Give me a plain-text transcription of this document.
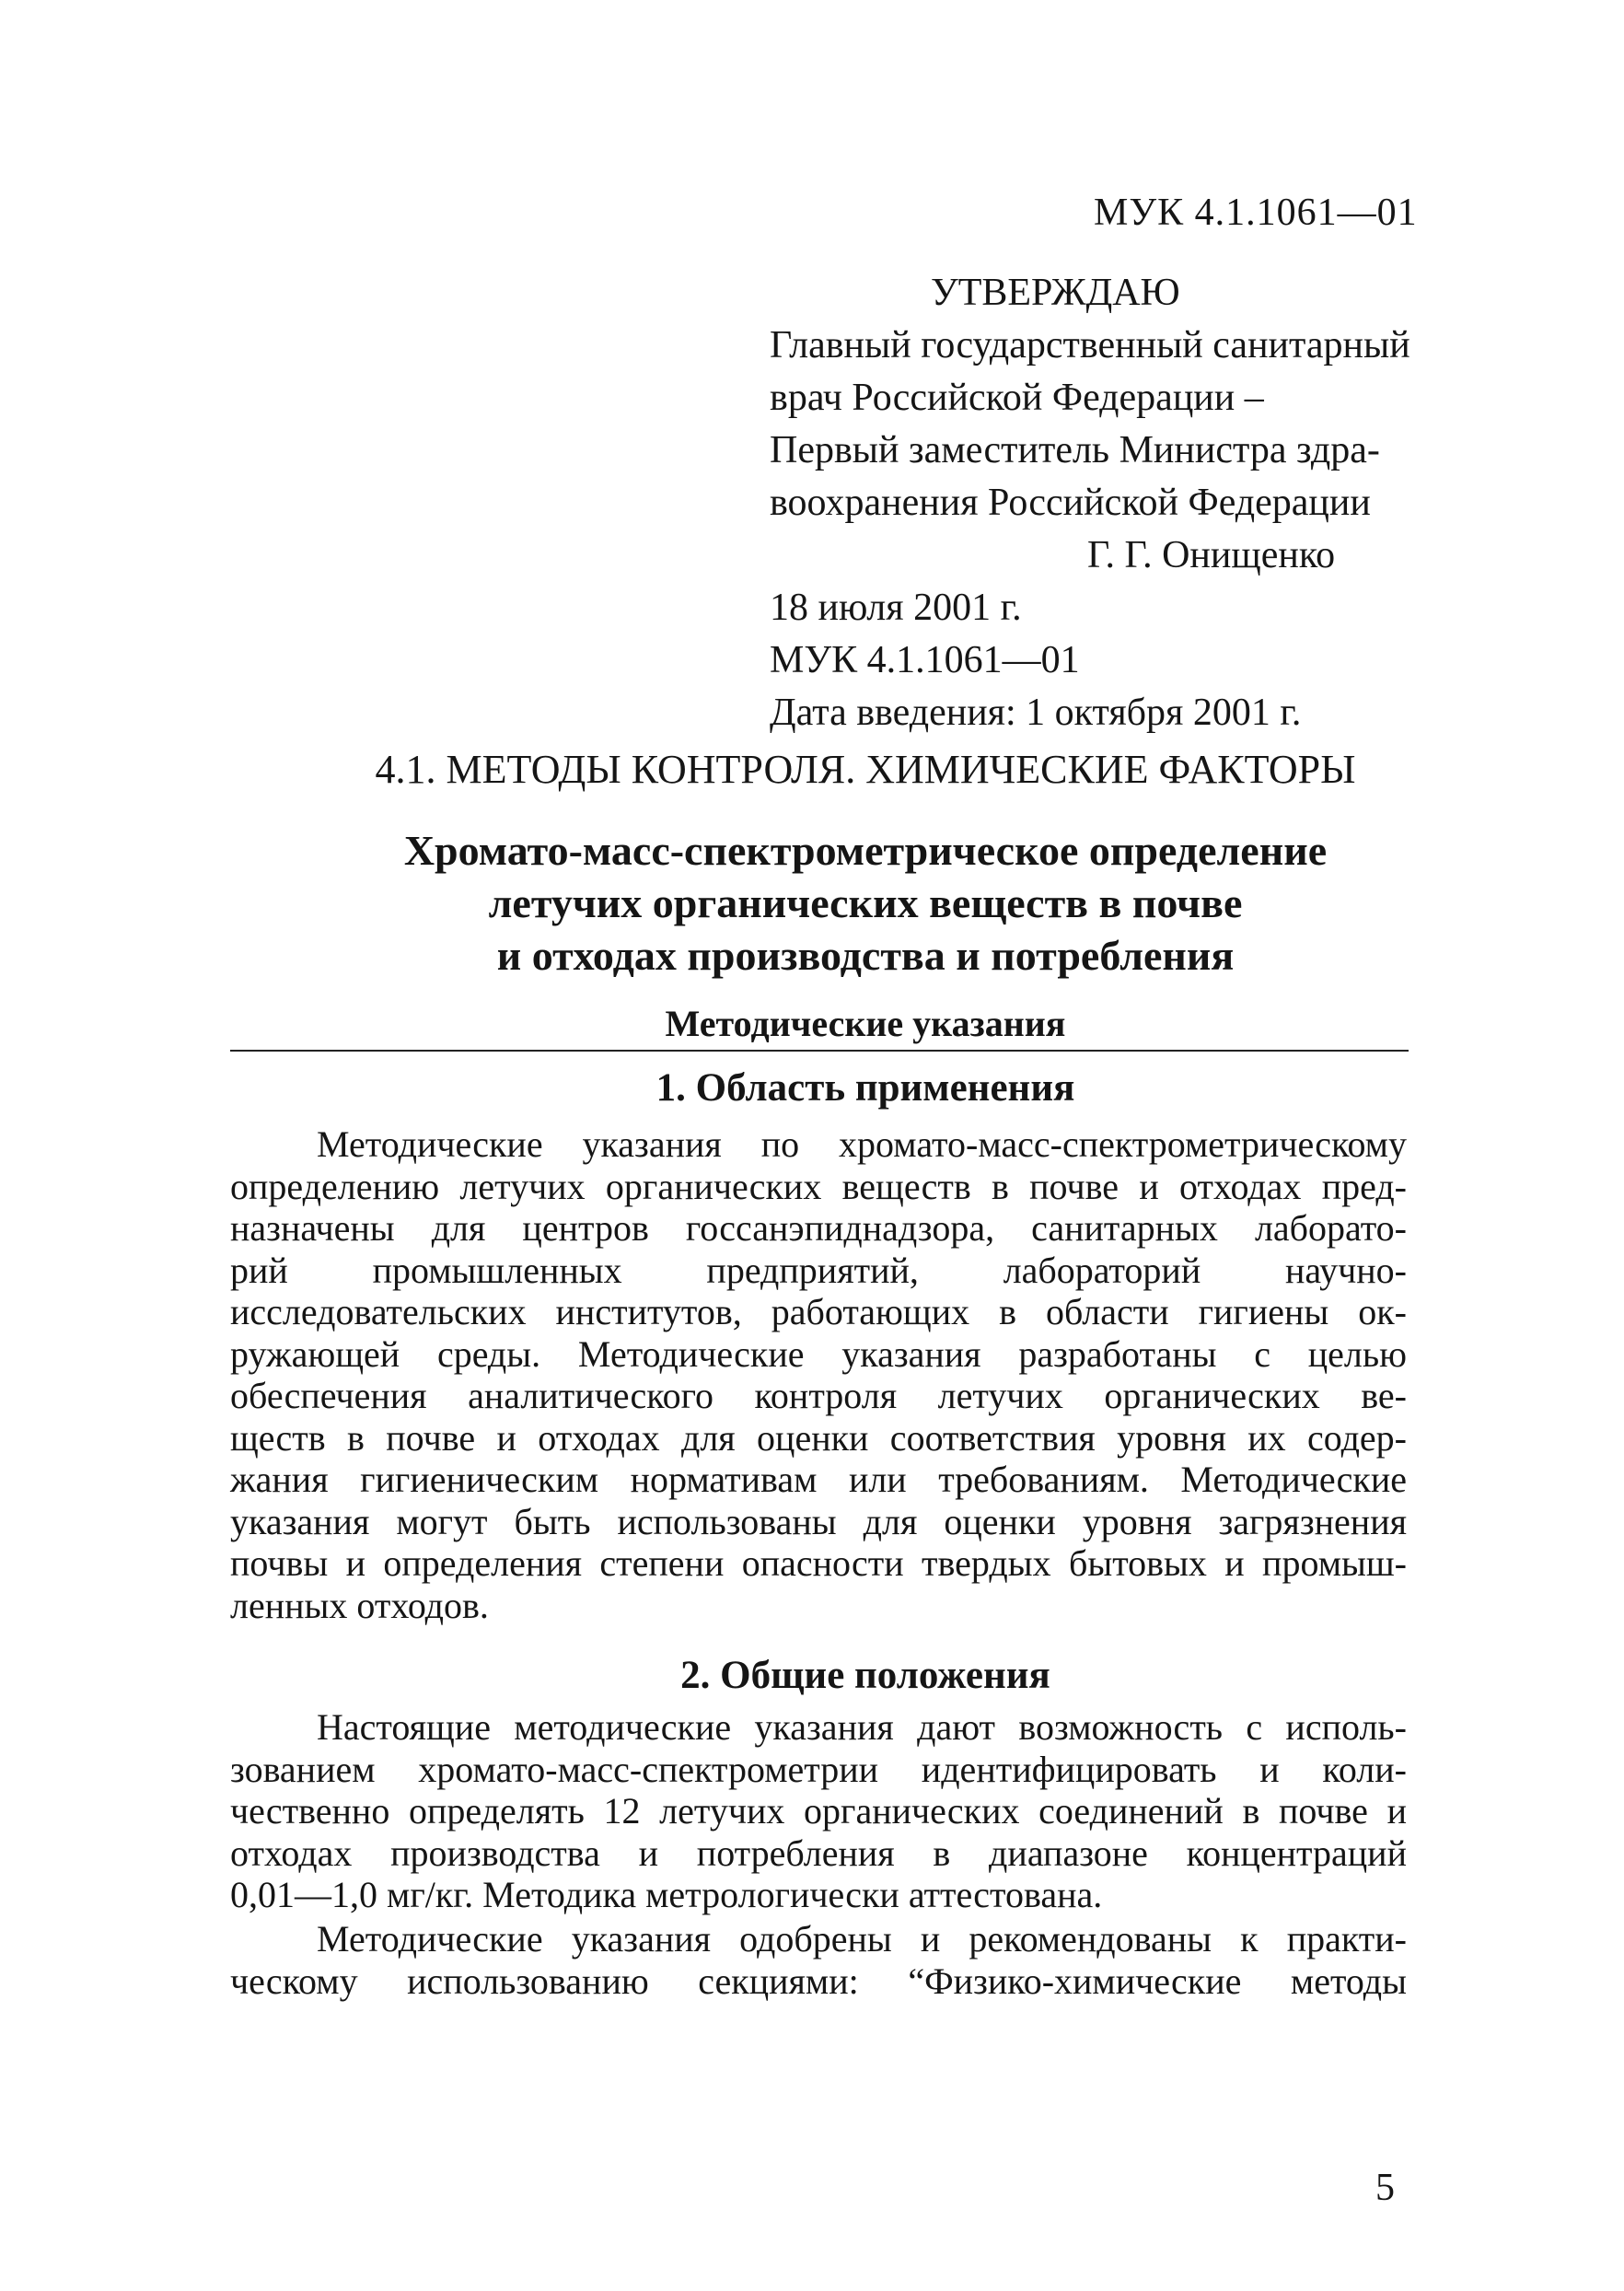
МУК 4.1.1061—01
УТВЕРЖДАЮ
Главный государственный санитарный
врач Российской Федерации –
Первый заместитель Министра здра-
воохранения Российской Федерации
Г. Г. Онищенко
18 июля 2001 г.
МУК 4.1.1061—01
Дата введения: 1 октября 2001 г.
4.1. МЕТОДЫ КОНТРОЛЯ. ХИМИЧЕСКИЕ ФАКТОРЫ
Хромато-масс-спектрометрическое определение
летучих органических веществ в почве
и отходах производства и потребления
Методические указания
1. Область применения
Методические указания по хромато-масс-спектрометрическому
определению летучих органических веществ в почве и отходах пред-
назначены для центров госсанэпиднадзора, санитарных лаборато-
рий промышленных предприятий, лабораторий научно-
исследовательских институтов, работающих в области гигиены ок-
ружающей среды. Методические указания разработаны с целью
обеспечения аналитического контроля летучих органических ве-
ществ в почве и отходах для оценки соответствия уровня их содер-
жания гигиеническим нормативам или требованиям. Методические
указания могут быть использованы для оценки уровня загрязнения
почвы и определения степени опасности твердых бытовых и промыш-
ленных отходов.
2. Общие положения
Настоящие методические указания дают возможность с исполь-
зованием хромато-масс-спектрометрии идентифицировать и коли-
чественно определять 12 летучих органических соединений в почве и
отходах производства и потребления в диапазоне концентраций
0,01—1,0 мг/кг. Методика метрологически аттестована.
Методические указания одобрены и рекомендованы к практи-
ческому использованию секциями: “Физико-химические методы
5
